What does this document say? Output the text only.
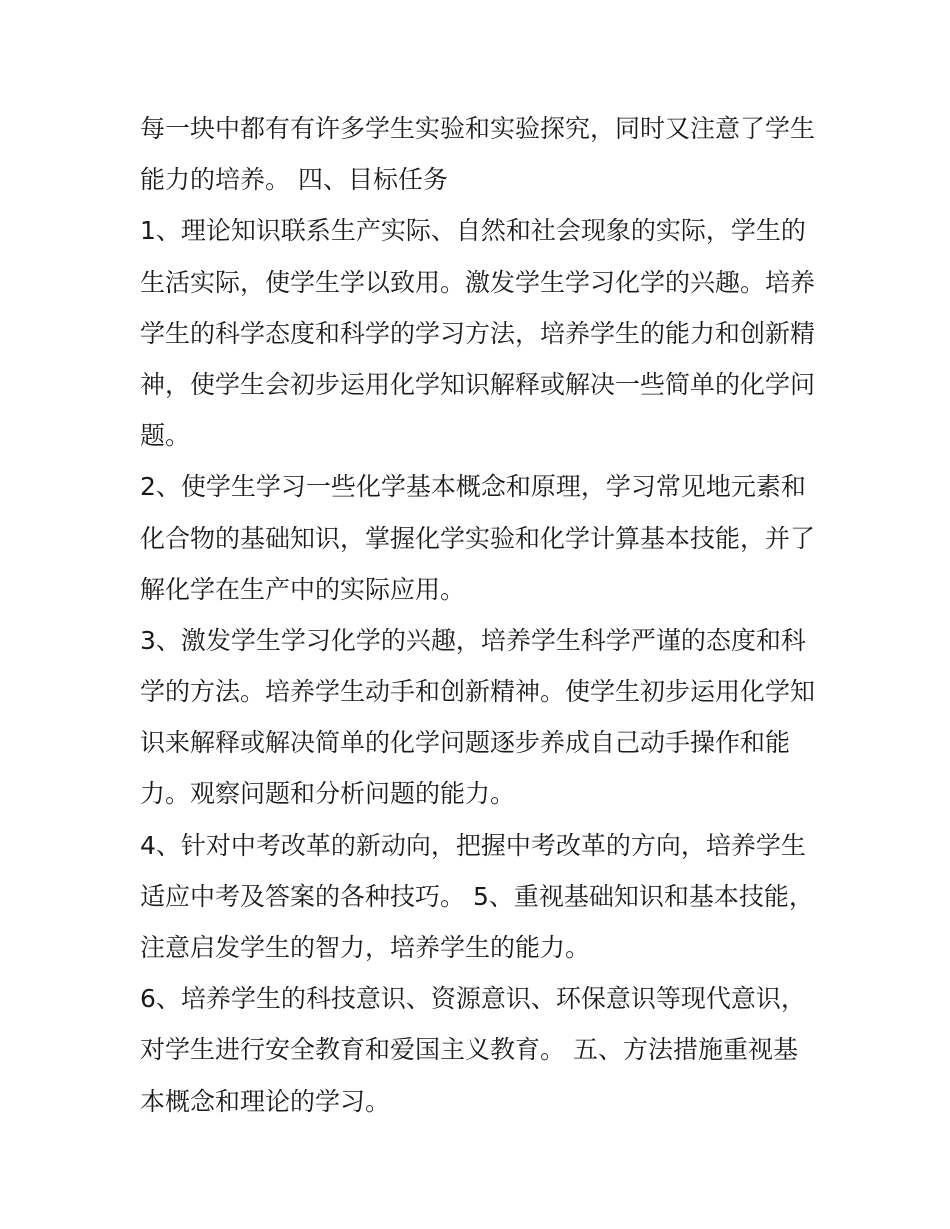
每一块中都有有许多学生实验和实验探究，同时又注意了学生
能力的培养。 四、目标任务
1、理论知识联系生产实际、自然和社会现象的实际，学生的
生活实际，使学生学以致用。激发学生学习化学的兴趣。培养
学生的科学态度和科学的学习方法，培养学生的能力和创新精
神，使学生会初步运用化学知识解释或解决一些简单的化学问
题。
2、使学生学习一些化学基本概念和原理，学习常见地元素和
化合物的基础知识，掌握化学实验和化学计算基本技能，并了
解化学在生产中的实际应用。
3、激发学生学习化学的兴趣，培养学生科学严谨的态度和科
学的方法。培养学生动手和创新精神。使学生初步运用化学知
识来解释或解决简单的化学问题逐步养成自己动手操作和能
力。观察问题和分析问题的能力。
4、针对中考改革的新动向，把握中考改革的方向，培养学生
适应中考及答案的各种技巧。 5、重视基础知识和基本技能，
注意启发学生的智力，培养学生的能力。
6、培养学生的科技意识、资源意识、环保意识等现代意识，
对学生进行安全教育和爱国主义教育。 五、方法措施重视基
本概念和理论的学习。
